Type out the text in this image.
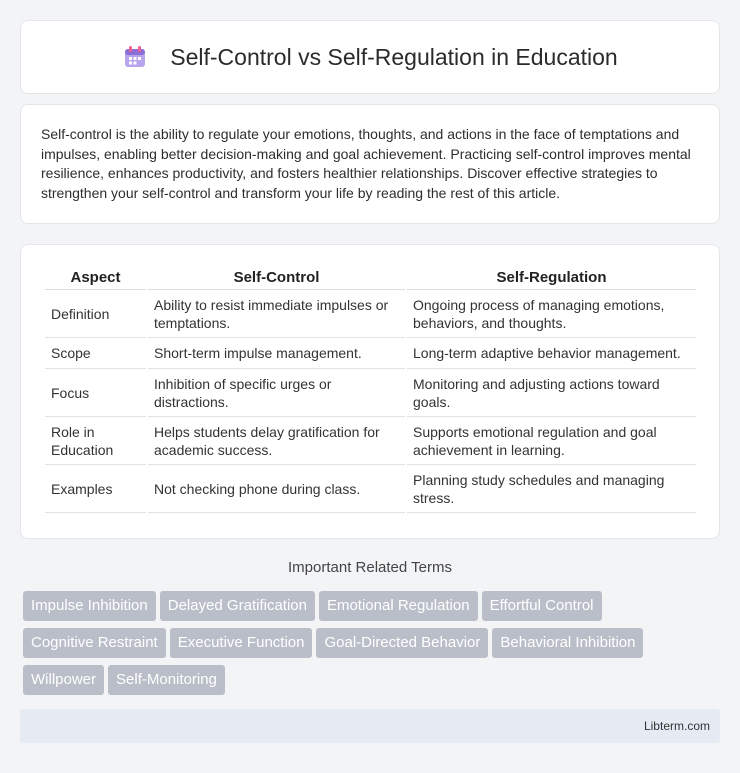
Self-Control vs Self-Regulation in Education

Self-control is the ability to regulate your emotions, thoughts, and actions in the face of temptations and impulses, enabling better decision-making and goal achievement. Practicing self-control improves mental resilience, enhances productivity, and fosters healthier relationships. Discover effective strategies to strengthen your self-control and transform your life by reading the rest of this article.

Aspect	Self-Control	Self-Regulation
Definition	Ability to resist immediate impulses or temptations.	Ongoing process of managing emotions, behaviors, and thoughts.
Scope	Short-term impulse management.	Long-term adaptive behavior management.
Focus	Inhibition of specific urges or distractions.	Monitoring and adjusting actions toward goals.
Role in Education	Helps students delay gratification for academic success.	Supports emotional regulation and goal achievement in learning.
Examples	Not checking phone during class.	Planning study schedules and managing stress.
Important Related Terms
Impulse Inhibition Delayed Gratification Emotional Regulation Effortful Control
Cognitive Restraint Executive Function Goal-Directed Behavior Behavioral Inhibition
Willpower Self-Monitoring
Libterm.com
